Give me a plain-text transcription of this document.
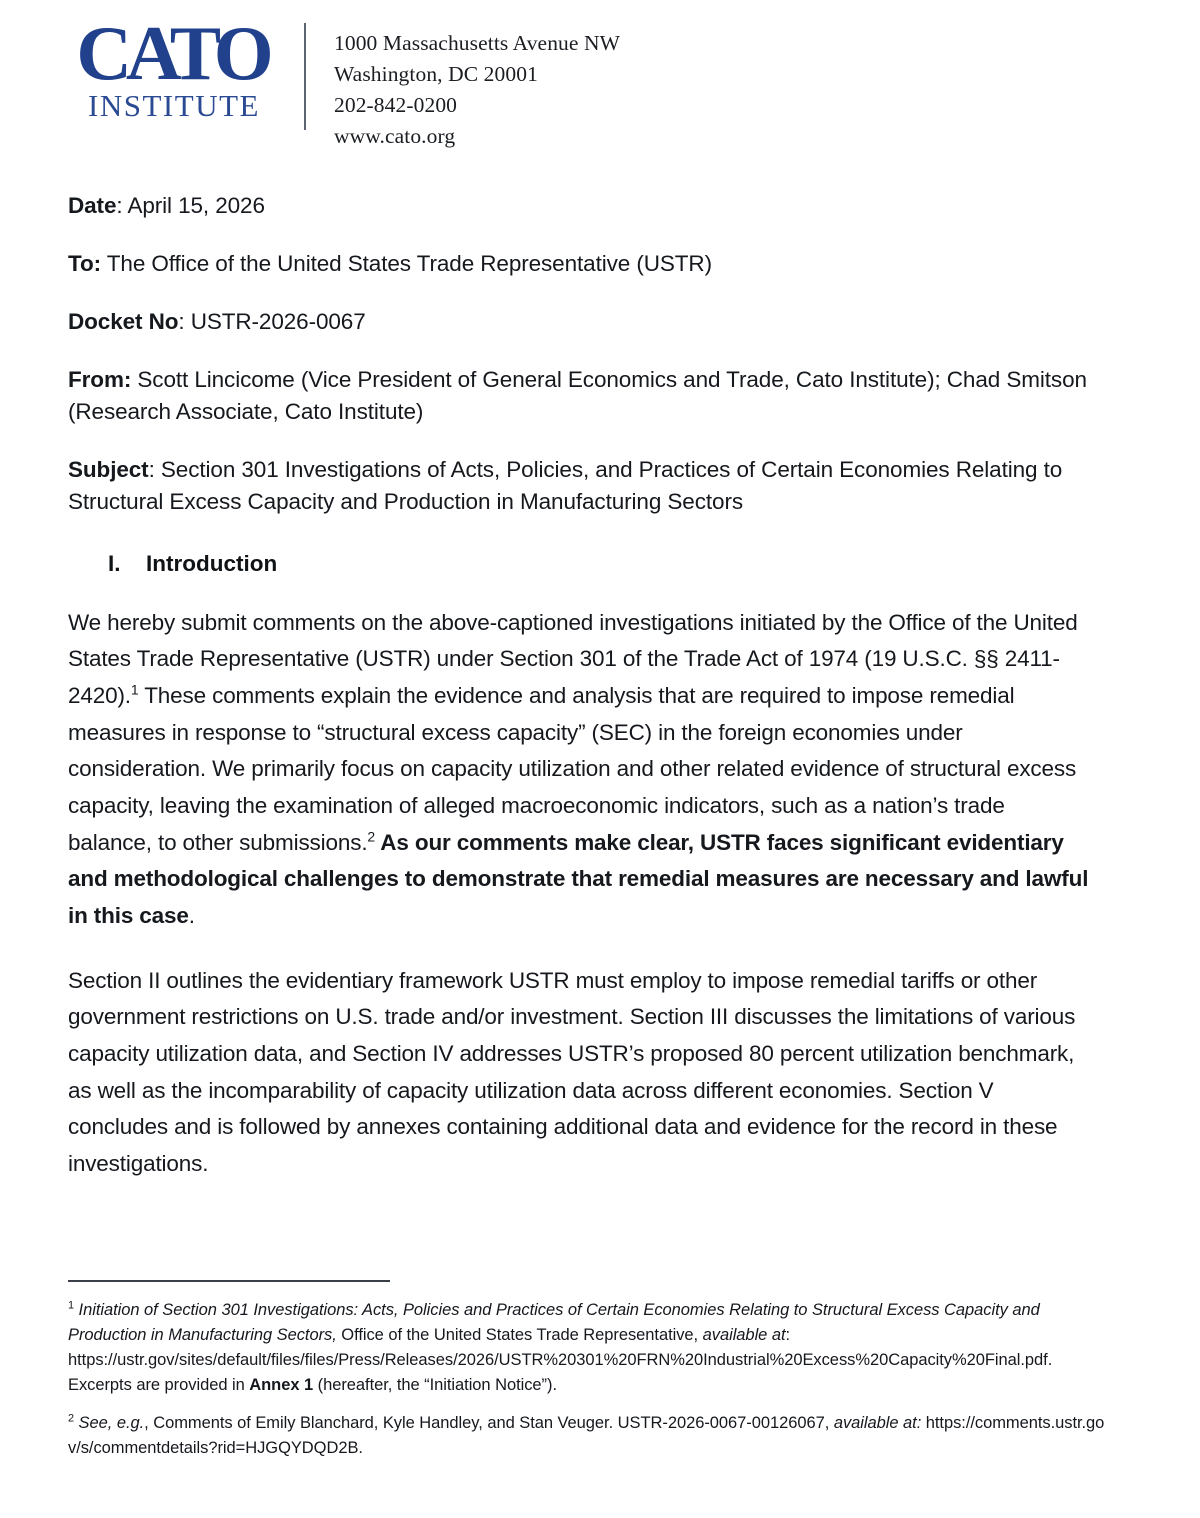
CATO
INSTITUTE
1000 Massachusetts Avenue NW
Washington, DC 20001
202-842-0200
www.cato.org

Date: April 15, 2026

To: The Office of the United States Trade Representative (USTR)

Docket No: USTR-2026-0067

From: Scott Lincicome (Vice President of General Economics and Trade, Cato Institute); Chad Smitson (Research Associate, Cato Institute)

Subject: Section 301 Investigations of Acts, Policies, and Practices of Certain Economies Relating to Structural Excess Capacity and Production in Manufacturing Sectors

I.	Introduction

We hereby submit comments on the above-captioned investigations initiated by the Office of the United States Trade Representative (USTR) under Section 301 of the Trade Act of 1974 (19 U.S.C. §§ 2411-2420).$^1$ These comments explain the evidence and analysis that are required to impose remedial measures in response to “structural excess capacity” (SEC) in the foreign economies under consideration. We primarily focus on capacity utilization and other related evidence of structural excess capacity, leaving the examination of alleged macroeconomic indicators, such as a nation’s trade balance, to other submissions.$^2$ As our comments make clear, USTR faces significant evidentiary and methodological challenges to demonstrate that remedial measures are necessary and lawful in this case.

Section II outlines the evidentiary framework USTR must employ to impose remedial tariffs or other government restrictions on U.S. trade and/or investment. Section III discusses the limitations of various capacity utilization data, and Section IV addresses USTR’s proposed 80 percent utilization benchmark, as well as the incomparability of capacity utilization data across different economies. Section V concludes and is followed by annexes containing additional data and evidence for the record in these investigations.

$^1$ Initiation of Section 301 Investigations: Acts, Policies and Practices of Certain Economies Relating to Structural Excess Capacity and Production in Manufacturing Sectors, Office of the United States Trade Representative, available at:
https://ustr.gov/sites/default/files/files/Press/Releases/2026/USTR%20301%20FRN%20Industrial%20Excess%20Capacity%20Final.pdf. Excerpts are provided in Annex 1 (hereafter, the “Initiation Notice”).

$^2$ See, e.g., Comments of Emily Blanchard, Kyle Handley, and Stan Veuger. USTR-2026-0067-00126067, available at: https://comments.ustr.gov/s/commentdetails?rid=HJGQYDQD2B.
